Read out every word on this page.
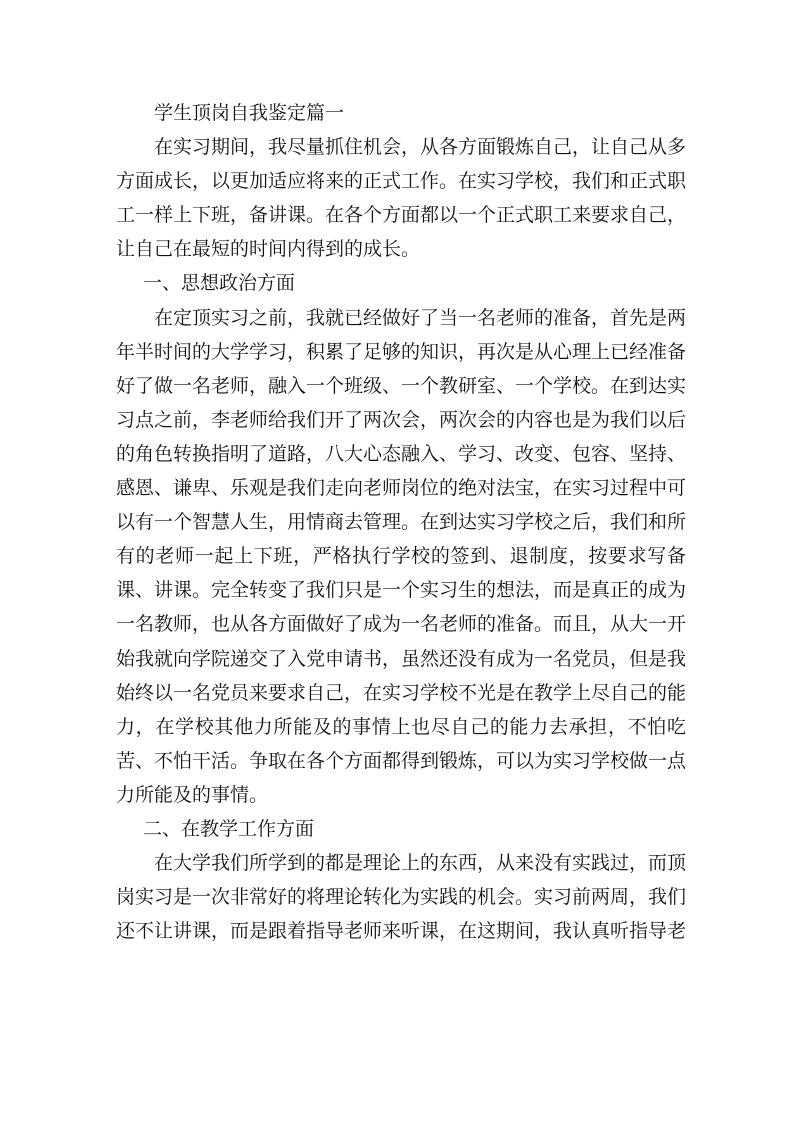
学生顶岗自我鉴定篇一

在实习期间，我尽量抓住机会，从各方面锻炼自己，让自己从多方面成长，以更加适应将来的正式工作。在实习学校，我们和正式职工一样上下班，备讲课。在各个方面都以一个正式职工来要求自己，让自己在最短的时间内得到的成长。

一、思想政治方面

在定顶实习之前，我就已经做好了当一名老师的准备，首先是两年半时间的大学学习，积累了足够的知识，再次是从心理上已经准备好了做一名老师，融入一个班级、一个教研室、一个学校。在到达实习点之前，李老师给我们开了两次会，两次会的内容也是为我们以后的角色转换指明了道路，八大心态融入、学习、改变、包容、坚持、感恩、谦卑、乐观是我们走向老师岗位的绝对法宝，在实习过程中可以有一个智慧人生，用情商去管理。在到达实习学校之后，我们和所有的老师一起上下班，严格执行学校的签到、退制度，按要求写备课、讲课。完全转变了我们只是一个实习生的想法，而是真正的成为一名教师，也从各方面做好了成为一名老师的准备。而且，从大一开始我就向学院递交了入党申请书，虽然还没有成为一名党员，但是我始终以一名党员来要求自己，在实习学校不光是在教学上尽自己的能力，在学校其他力所能及的事情上也尽自己的能力去承担，不怕吃苦、不怕干活。争取在各个方面都得到锻炼，可以为实习学校做一点力所能及的事情。

二、在教学工作方面

在大学我们所学到的都是理论上的东西，从来没有实践过，而顶岗实习是一次非常好的将理论转化为实践的机会。实习前两周，我们还不让讲课，而是跟着指导老师来听课，在这期间，我认真听指导老
